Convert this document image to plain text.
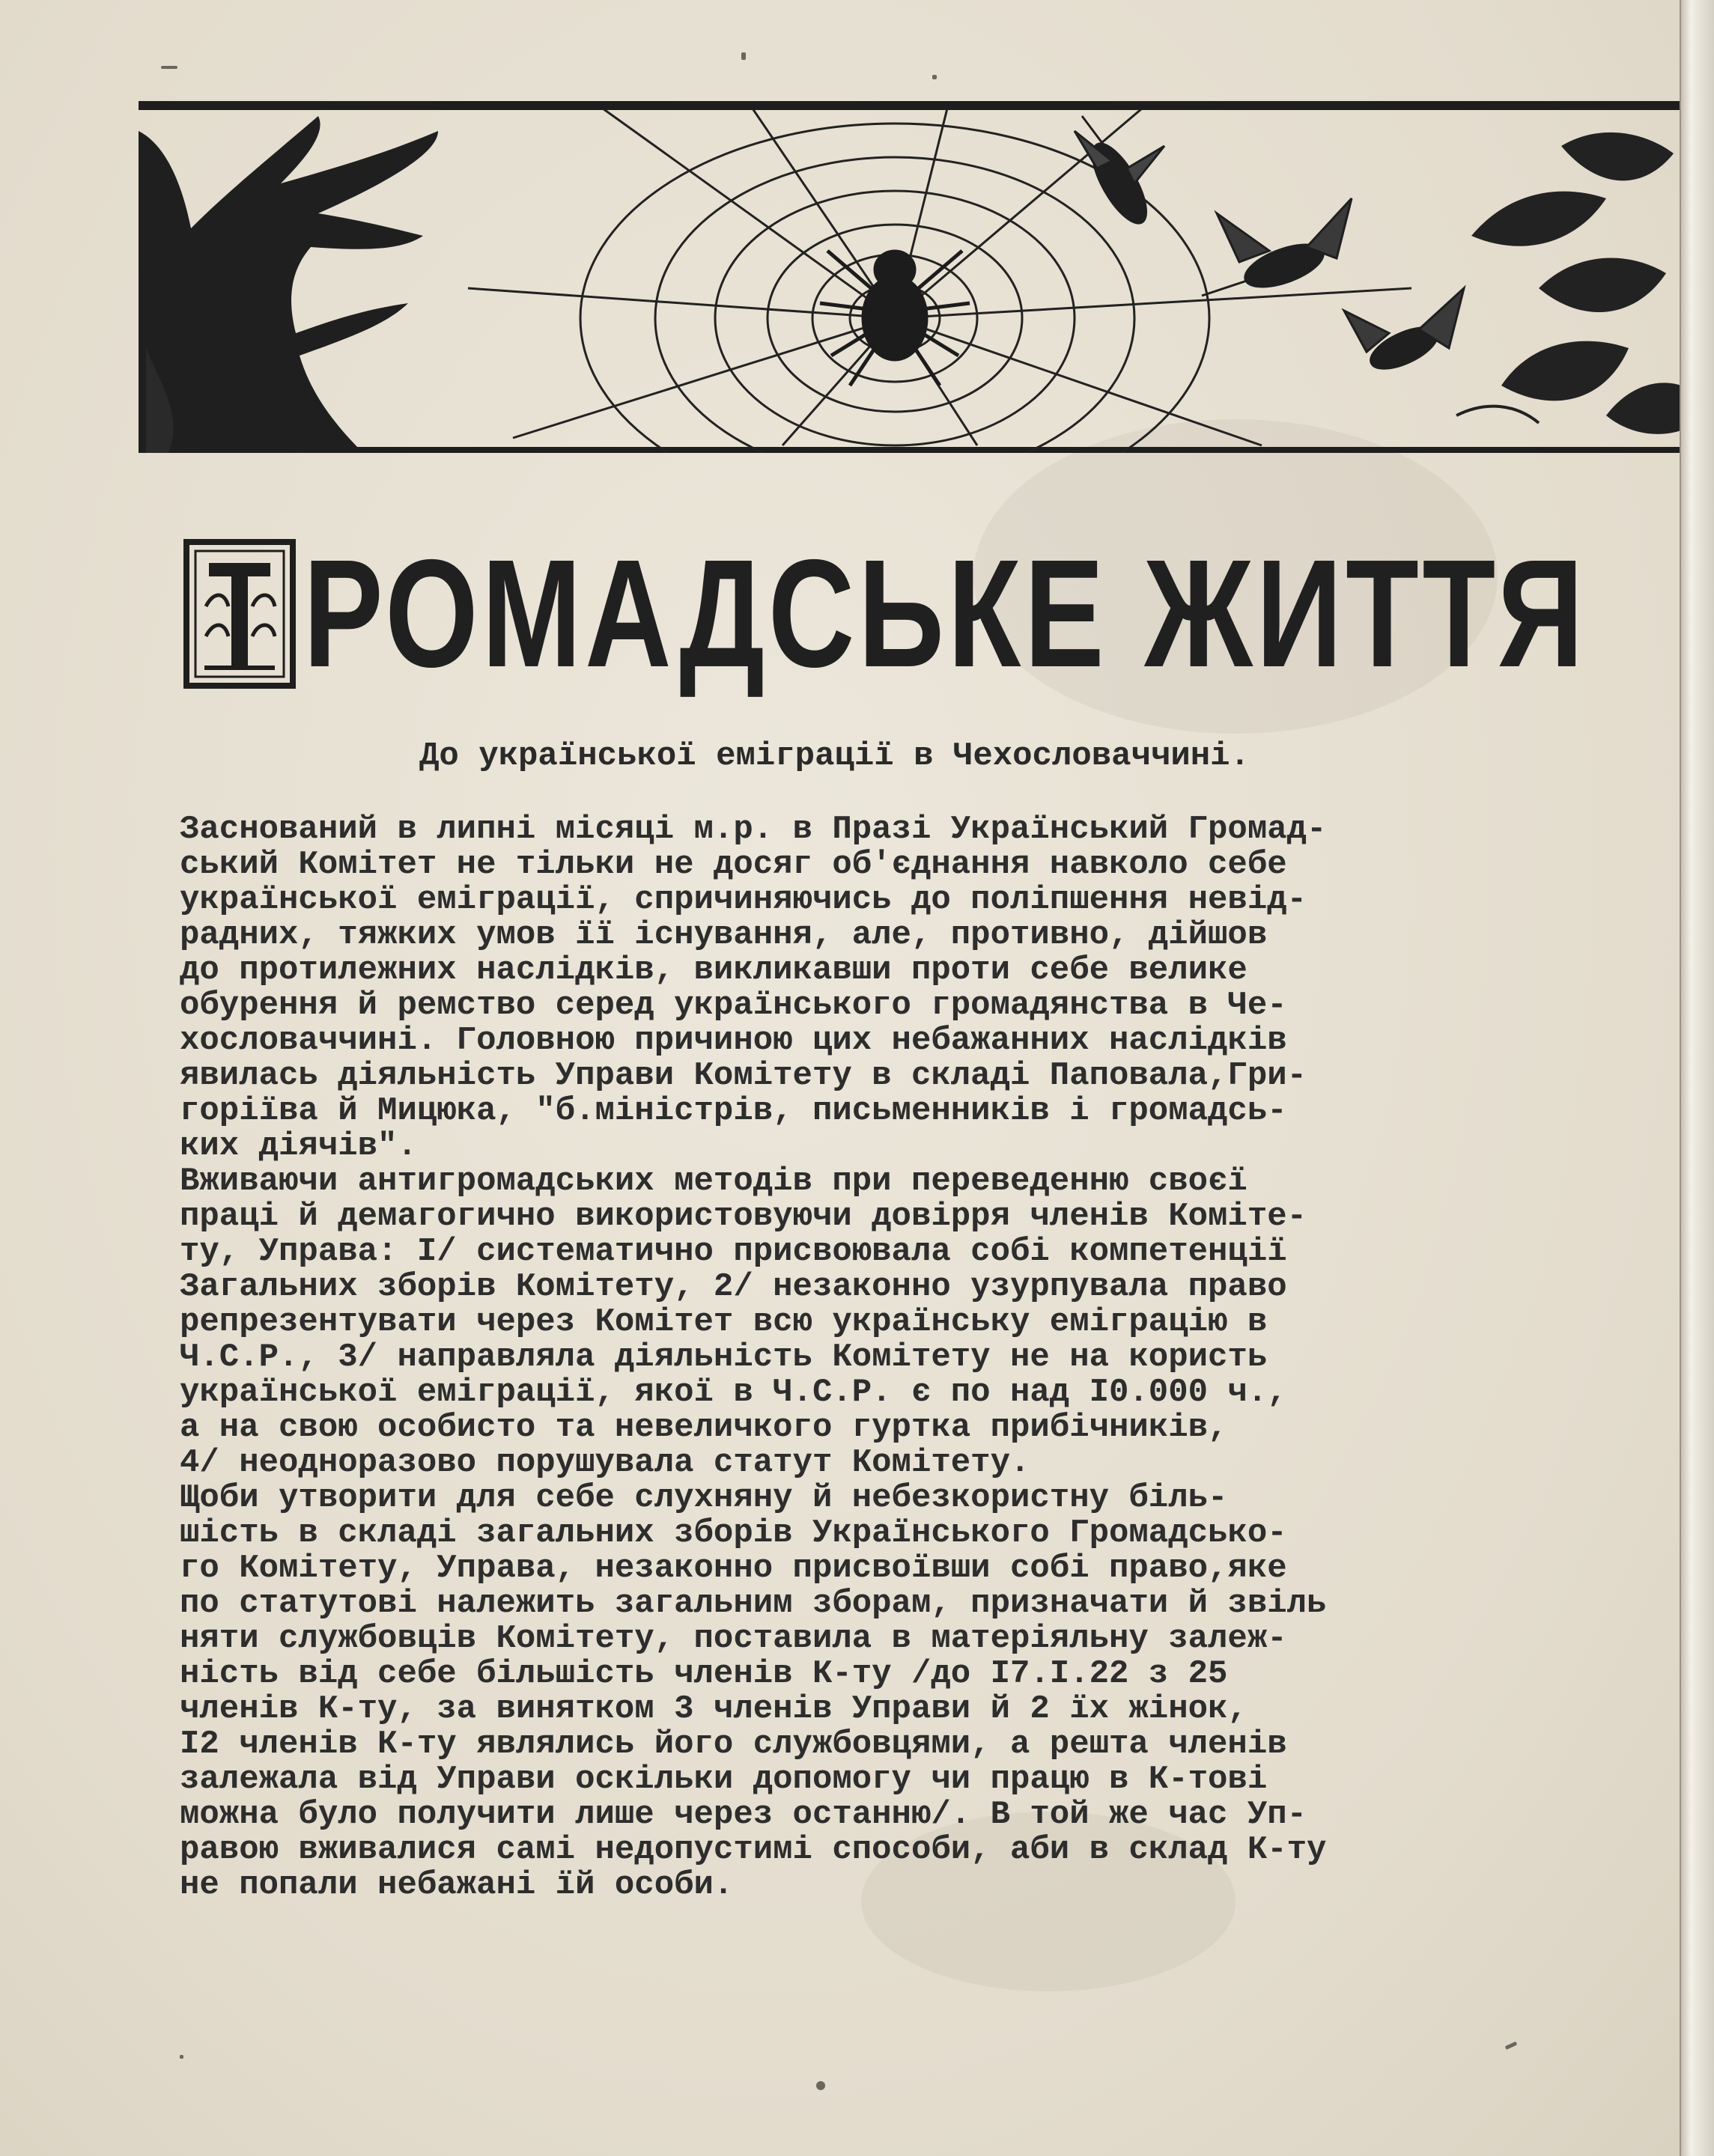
РОМАДСЬКЕ ЖИТТЯ
До української еміграції в Чехословаччині.
Заснований в липні місяці м.р. в Празі Український Громад-
ський Комітет не тільки не досяг об'єднання навколо себе
української еміграції, спричиняючись до поліпшення невід-
радних, тяжких умов її існування, але, противно, дійшов
до протилежних наслідків, викликавши проти себе велике
обурення й ремство серед українського громадянства в Че-
хословаччині. Головною причиною цих небажанних наслідків
явилась діяльність Управи Комітету в складі Паповала,Гри-
горіїва й Мицюка, "б.міністрів, письменників і громадсь-
ких діячів".
Вживаючи антигромадських методів при переведенню своєї
праці й демагогично використовуючи довірря членів Коміте-
ту, Управа: I/ систематично присвоювала собі компетенції
Загальних зборів Комітету, 2/ незаконно узурпувала право
репрезентувати через Комітет всю українську еміграцію в
Ч.С.Р., 3/ направляла діяльність Комітету не на користь
української еміграції, якої в Ч.С.Р. є по над I0.000 ч.,
а на свою особисто та невеличкого гуртка прибічників,
4/ неодноразово порушувала статут Комітету.
Щоби утворити для себе слухняну й небезкористну біль-
шість в складі загальних зборів Українського Громадсько-
го Комітету, Управа, незаконно присвоївши собі право,яке
по статутові належить загальним зборам, призначати й звіль
няти службовців Комітету, поставила в матеріяльну залеж-
ність від себе більшість членів К-ту /до I7.I.22 з 25
членів К-ту, за винятком 3 членів Управи й 2 їх жінок,
I2 членів К-ту являлись його службовцями, а решта членів
залежала від Управи оскільки допомогу чи працю в К-тові
можна було получити лише через останню/. В той же час Уп-
равою вживалися самі недопустимі способи, аби в склад К-ту
не попали небажані їй особи.
